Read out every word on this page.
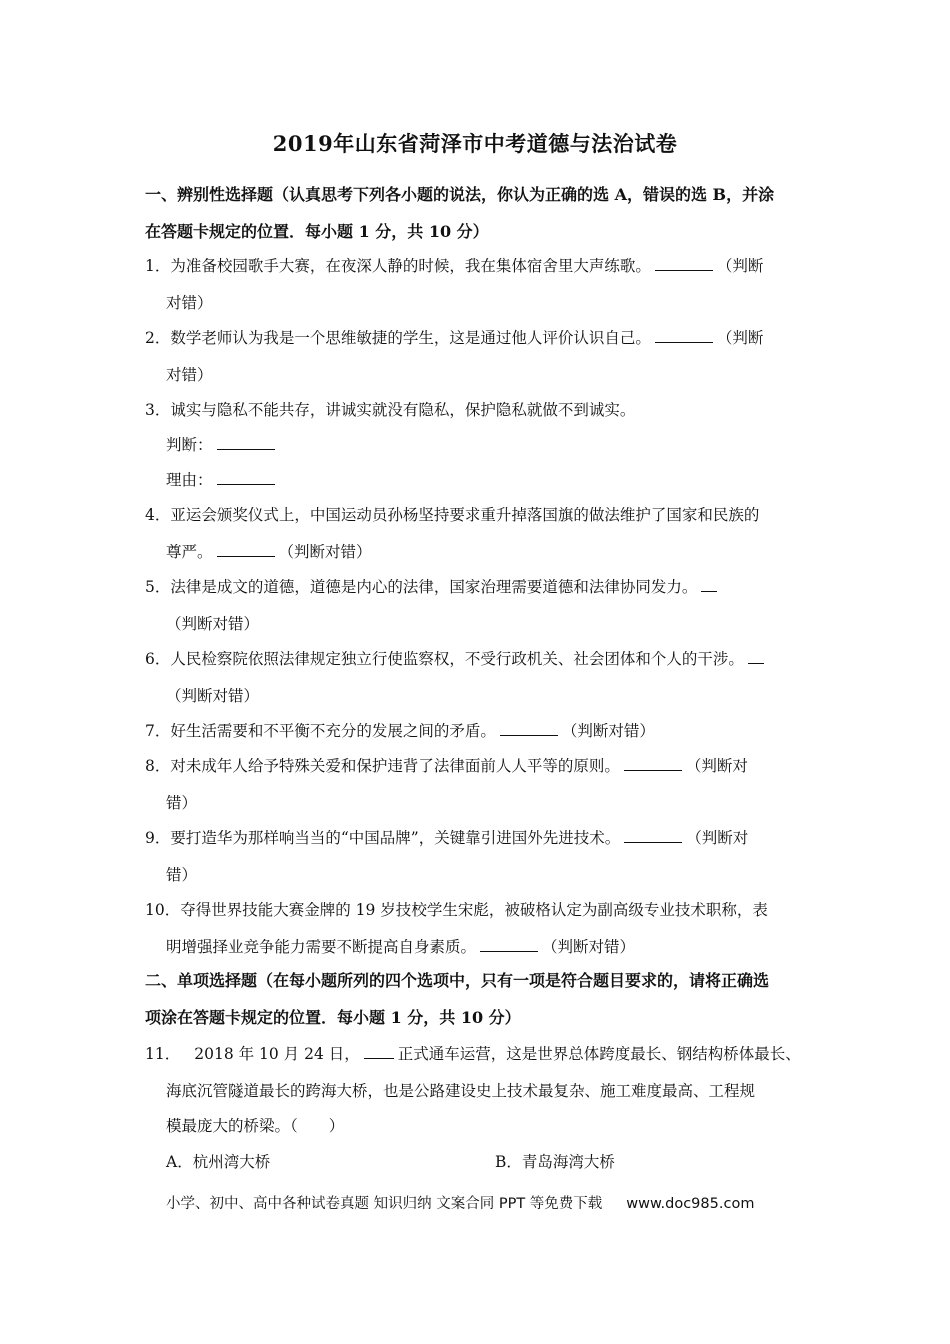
2019年山东省菏泽市中考道德与法治试卷
一、辨别性选择题（认真思考下列各小题的说法，你认为正确的选 A，错误的选 B，并涂
在答题卡规定的位置．每小题 1 分，共 10 分）
1．为准备校园歌手大赛，在夜深人静的时候，我在集体宿舍里大声练歌。	（判断
对错）
2．数学老师认为我是一个思维敏捷的学生，这是通过他人评价认识自己。	（判断
对错）
3．诚实与隐私不能共存，讲诚实就没有隐私，保护隐私就做不到诚实。
判断：
理由：
4．亚运会颁奖仪式上，中国运动员孙杨坚持要求重升掉落国旗的做法维护了国家和民族的
尊严。	（判断对错）
5．法律是成文的道德，道德是内心的法律，国家治理需要道德和法律协同发力。
（判断对错）
6．人民检察院依照法律规定独立行使监察权，不受行政机关、社会团体和个人的干涉。
（判断对错）
7．好生活需要和不平衡不充分的发展之间的矛盾。	（判断对错）
8．对未成年人给予特殊关爱和保护违背了法律面前人人平等的原则。	（判断对
错）
9．要打造华为那样响当当的“中国品牌”，关键靠引进国外先进技术。	（判断对
错）
10．夺得世界技能大赛金牌的 19 岁技校学生宋彪，被破格认定为副高级专业技术职称，表
明增强择业竞争能力需要不断提高自身素质。	（判断对错）
二、单项选择题（在每小题所列的四个选项中，只有一项是符合题目要求的，请将正确选
项涂在答题卡规定的位置．每小题 1 分，共 10 分）
11． 2018 年 10 月 24 日， 正式通车运营，这是世界总体跨度最长、钢结构桥体最长、
海底沉管隧道最长的跨海大桥，也是公路建设史上技术最复杂、施工难度最高、工程规
模最庞大的桥梁。（　　）
A．杭州湾大桥	B．青岛海湾大桥
小学、初中、高中各种试卷真题 知识归纳 文案合同 PPT 等免费下载 www.doc985.com
